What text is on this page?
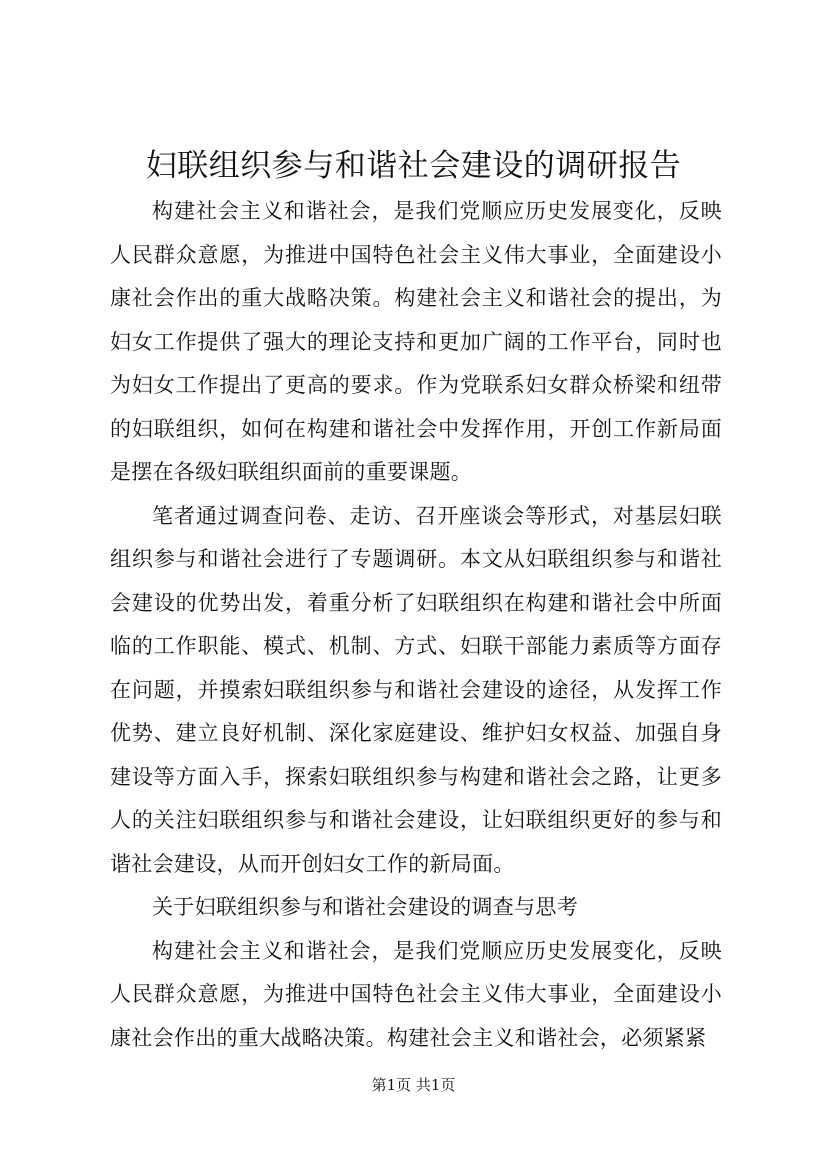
妇联组织参与和谐社会建设的调研报告

构建社会主义和谐社会，是我们党顺应历史发展变化，反映人民群众意愿，为推进中国特色社会主义伟大事业，全面建设小康社会作出的重大战略决策。构建社会主义和谐社会的提出，为妇女工作提供了强大的理论支持和更加广阔的工作平台，同时也为妇女工作提出了更高的要求。作为党联系妇女群众桥梁和纽带的妇联组织，如何在构建和谐社会中发挥作用，开创工作新局面是摆在各级妇联组织面前的重要课题。

笔者通过调查问卷、走访、召开座谈会等形式，对基层妇联组织参与和谐社会进行了专题调研。本文从妇联组织参与和谐社会建设的优势出发，着重分析了妇联组织在构建和谐社会中所面临的工作职能、模式、机制、方式、妇联干部能力素质等方面存在问题，并摸索妇联组织参与和谐社会建设的途径，从发挥工作优势、建立良好机制、深化家庭建设、维护妇女权益、加强自身建设等方面入手，探索妇联组织参与构建和谐社会之路，让更多人的关注妇联组织参与和谐社会建设，让妇联组织更好的参与和谐社会建设，从而开创妇女工作的新局面。

关于妇联组织参与和谐社会建设的调查与思考

构建社会主义和谐社会，是我们党顺应历史发展变化，反映人民群众意愿，为推进中国特色社会主义伟大事业，全面建设小康社会作出的重大战略决策。构建社会主义和谐社会，必须紧紧

第1页 共1页
